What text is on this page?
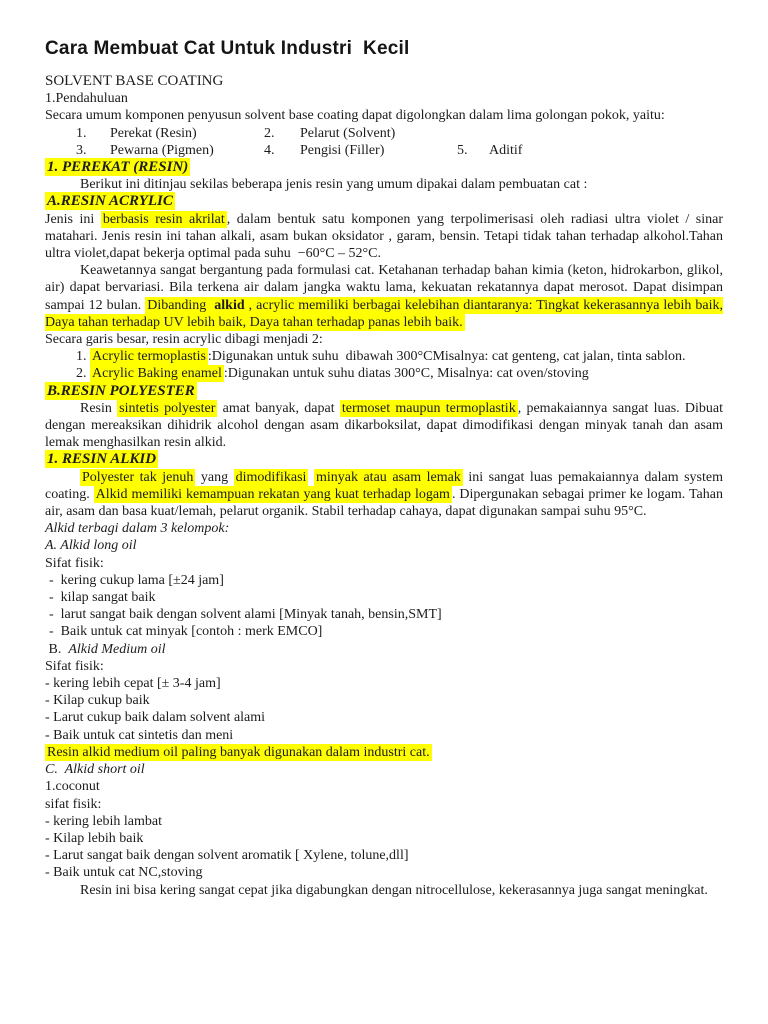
Cara Membuat Cat Untuk Industri  Kecil
SOLVENT BASE COATING
1.Pendahuluan
Secara umum komponen penyusun solvent base coating dapat digolongkan dalam lima golongan pokok, yaitu:
1. Perekat (Resin)	2. Pelarut (Solvent)
3. Pewarna (Pigmen)	4. Pengisi (Filler)	5. Aditif
1. PEREKAT (RESIN)
Berikut ini ditinjau sekilas beberapa jenis resin yang umum dipakai dalam pembuatan cat :
A.RESIN ACRYLIC
Jenis ini berbasis resin akrilat , dalam bentuk satu komponen yang terpolimerisasi oleh radiasi ultra violet / sinar matahari. Jenis resin ini tahan alkali, asam bukan oksidator , garam, bensin. Tetapi tidak tahan terhadap alkohol.Tahan ultra violet,dapat bekerja optimal pada suhu  −60°C – 52°C.
Keawetannya sangat bergantung pada formulasi cat. Ketahanan terhadap bahan kimia (keton, hidrokarbon, glikol, air) dapat bervariasi. Bila terkena air dalam jangka waktu lama, kekuatan rekatannya dapat merosot. Dapat disimpan sampai 12 bulan. Dibanding alkid , acrylic memiliki berbagai kelebihan diantaranya: Tingkat kekerasannya lebih baik, Daya tahan terhadap UV lebih baik, Daya tahan terhadap panas lebih baik.
Secara garis besar, resin acrylic dibagi menjadi 2:
1. Acrylic termoplastis :Digunakan untuk suhu  dibawah 300°CMisalnya: cat genteng, cat jalan, tinta sablon.
2. Acrylic Baking enamel :Digunakan untuk suhu diatas 300°C, Misalnya: cat oven/stoving
B.RESIN POLYESTER
Resin sintetis polyester amat banyak, dapat termoset maupun termoplastik , pemakaiannya sangat luas. Dibuat dengan mereaksikan dihidrik alcohol dengan asam dikarboksilat, dapat dimodifikasi dengan minyak tanah dan asam lemak menghasilkan resin alkid.
1. RESIN ALKID
Polyester tak jenuh yang dimodifikasi minyak atau asam lemak ini sangat luas pemakaiannya dalam system coating. Alkid memiliki kemampuan rekatan yang kuat terhadap logam . Dipergunakan sebagai primer ke logam. Tahan air, asam dan basa kuat/lemah, pelarut organik. Stabil terhadap cahaya, dapat digunakan sampai suhu 95°C.
Alkid terbagi dalam 3 kelompok:
A. Alkid long oil
Sifat fisik:
-  kering cukup lama [±24 jam]
-  kilap sangat baik
-  larut sangat baik dengan solvent alami [Minyak tanah, bensin,SMT]
-  Baik untuk cat minyak [contoh : merk EMCO]
B.  Alkid Medium oil
Sifat fisik:
- kering lebih cepat [± 3-4 jam]
- Kilap cukup baik
- Larut cukup baik dalam solvent alami
- Baik untuk cat sintetis dan meni
Resin alkid medium oil paling banyak digunakan dalam industri cat.
C.  Alkid short oil
1.coconut
sifat fisik:
- kering lebih lambat
- Kilap lebih baik
- Larut sangat baik dengan solvent aromatik [ Xylene, tolune,dll]
- Baik untuk cat NC,stoving
Resin ini bisa kering sangat cepat jika digabungkan dengan nitrocellulose, kekerasannya juga sangat meningkat.
